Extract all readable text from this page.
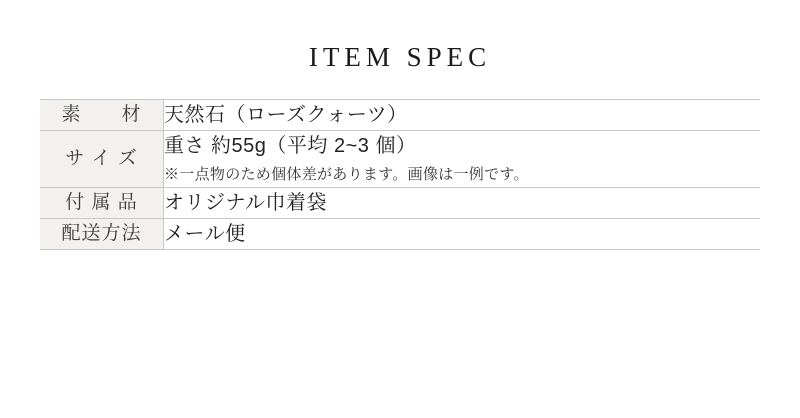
ITEM SPEC
素　　材	天然石（ローズクォーツ）

サ イ ズ	重さ 約55g（平均 2~3 個）
※一点物のため個体差があります。画像は一例です。

付 属 品	オリジナル巾着袋

配送方法	メール便
